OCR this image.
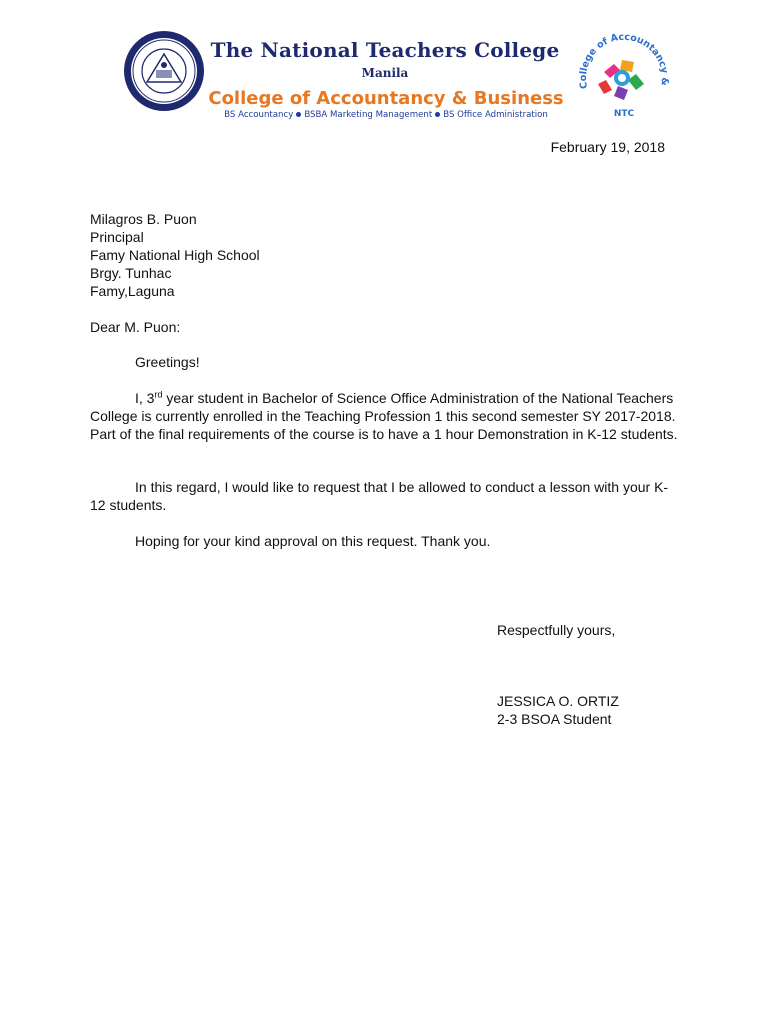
The National Teachers College
Manila
College of Accountancy & Business
BS Accountancy BSBA Marketing Management BS Office Administration
College of Accountancy &
NTC
February 19, 2018
Milagros B. Puon
Principal
Famy National High School
Brgy. Tunhac
Famy,Laguna
Dear M. Puon:
Greetings!
I, 3rd year student in Bachelor of Science Office Administration of the National Teachers College is currently enrolled in the Teaching Profession 1 this second semester SY 2017-2018. Part of the final requirements of the course is to have a 1 hour Demonstration in K-12 students.
In this regard, I would like to request that I be allowed to conduct a lesson with your K-12 students.
Hoping for your kind approval on this request. Thank you.
Respectfully yours,
JESSICA O. ORTIZ
2-3 BSOA Student
